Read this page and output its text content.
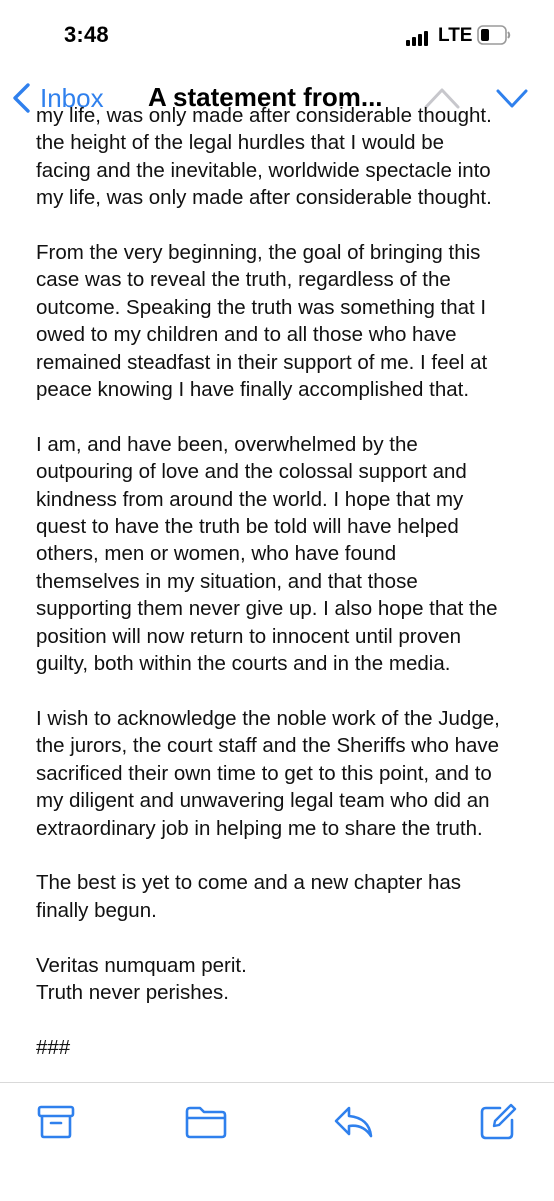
3:48	LTE
Inbox A statement from...
my life, was only made after considerable thought.
the height of the legal hurdles that I would be
facing and the inevitable, worldwide spectacle into
my life, was only made after considerable thought.
From the very beginning, the goal of bringing this
case was to reveal the truth, regardless of the
outcome. Speaking the truth was something that I
owed to my children and to all those who have
remained steadfast in their support of me. I feel at
peace knowing I have finally accomplished that.
I am, and have been, overwhelmed by the
outpouring of love and the colossal support and
kindness from around the world. I hope that my
quest to have the truth be told will have helped
others, men or women, who have found
themselves in my situation, and that those
supporting them never give up. I also hope that the
position will now return to innocent until proven
guilty, both within the courts and in the media.
I wish to acknowledge the noble work of the Judge,
the jurors, the court staff and the Sheriffs who have
sacrificed their own time to get to this point, and to
my diligent and unwavering legal team who did an
extraordinary job in helping me to share the truth.
The best is yet to come and a new chapter has
finally begun.
Veritas numquam perit.
Truth never perishes.
###
